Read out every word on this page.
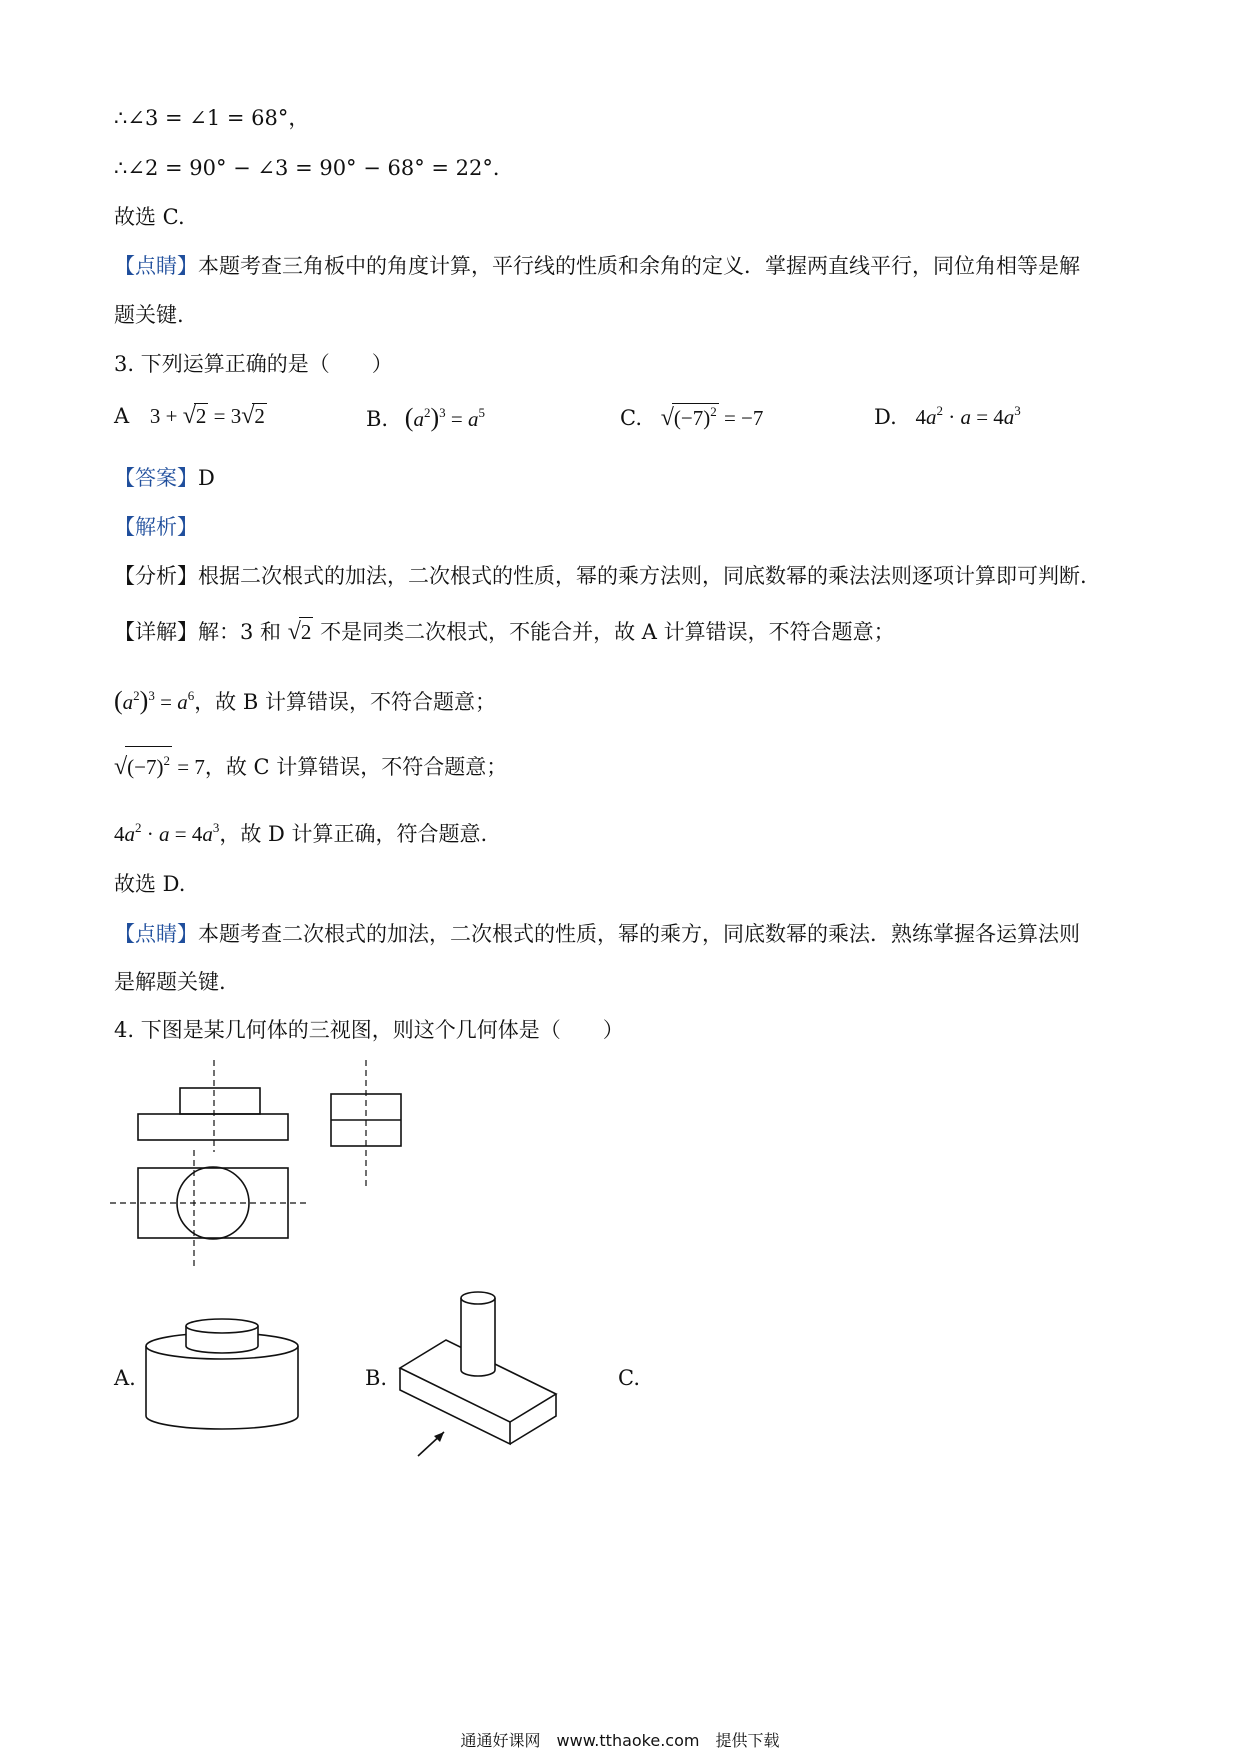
∴∠3 = ∠1 = 68°，
∴∠2 = 90° − ∠3 = 90° − 68° = 22°．
故选 C.
【点睛】本题考查三角板中的角度计算，平行线的性质和余角的定义．掌握两直线平行，同位角相等是解
题关键.
3. 下列运算正确的是（　　）
A 3 + √2 = 3√2	B. $(a^2)^3 = a^5$	C. $√(-7)^2 = -7$	D. $4a^2 \cdot a = 4a^3$
【答案】D
【解析】
【分析】根据二次根式的加法，二次根式的性质，幂的乘方法则，同底数幂的乘法法则逐项计算即可判断.
【详解】解：3 和 √2 不是同类二次根式，不能合并，故 A 计算错误，不符合题意；
$(a^2)^3 = a^6$，故 B 计算错误，不符合题意；
$√(-7)^2 = 7$，故 C 计算错误，不符合题意；
$4a^2 \cdot a = 4a^3$，故 D 计算正确，符合题意.
故选 D.
【点睛】本题考查二次根式的加法，二次根式的性质，幂的乘方，同底数幂的乘法．熟练掌握各运算法则
是解题关键.
4. 下图是某几何体的三视图，则这个几何体是（　　）
A.	B.	C.
通通好课网　www.tthaoke.com　提供下载
